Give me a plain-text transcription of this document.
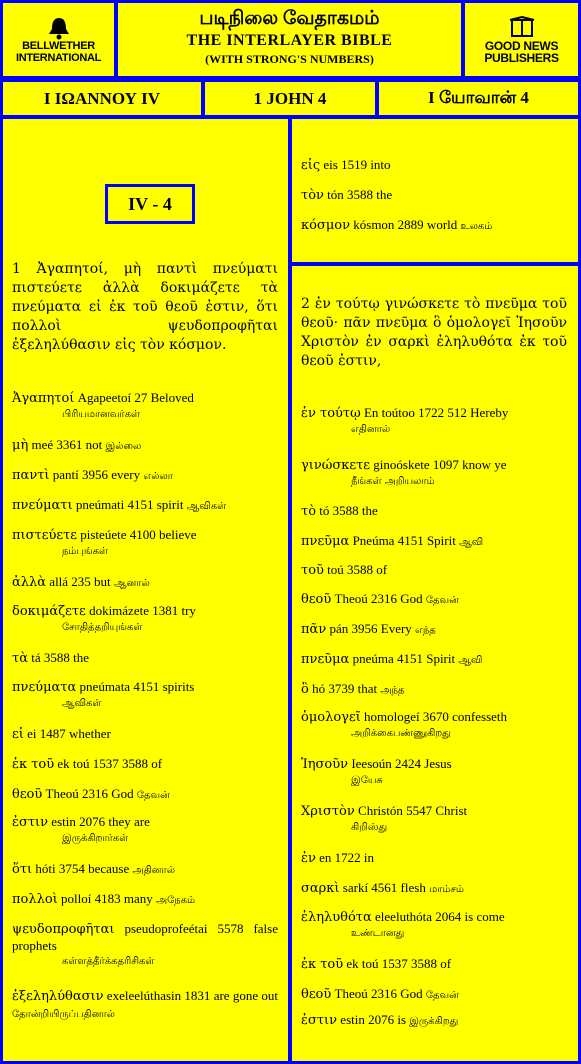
BELLWETHER INTERNATIONAL
படிநிலை வேதாகமம்
THE INTERLAYER BIBLE
(WITH STRONG'S NUMBERS)
GOOD NEWS PUBLISHERS
I ΙΩΑΝΝΟΥ IV	1 JOHN 4	I யோவான் 4
IV - 4
1 Ἀγαπητοί, μὴ παντὶ πνεύματι πιστεύετε ἀλλὰ δοκιμάζετε τὰ πνεύματα εἰ ἐκ τοῦ θεοῦ ἐστιν, ὅτι πολλοὶ ψευδοπροφῆται ἐξεληλύθασιν εἰς τὸν κόσμον.
Ἀγαπητοί Agapeetoí 27 Beloved
பிரியமானவர்கள்
μὴ meé 3361 not இல்லை
παντὶ pantí 3956 every எல்லா
πνεύματι pneúmati 4151 spirit ஆவிகள்
πιστεύετε pisteúete 4100 believe
நம்புங்கள்
ἀλλὰ allá 235 but ஆனால்
δοκιμάζετε dokimázete 1381 try
சோதித்தறியுங்கள்
τὰ tá 3588 the
πνεύματα pneúmata 4151 spirits
ஆவிகள்
εἰ ei 1487 whether
ἐκ τοῦ ek toú 1537 3588 of
θεοῦ Theoú 2316 God தேவன்
ἐστιν estin 2076 they are
இருக்கிறார்கள்
ὅτι hóti 3754 because அதினால்
πολλοὶ polloí 4183 many அநேகம்
ψευδοπροφῆται pseudoprofeétai 5578 false prophets
கள்ளத்தீர்க்கதரிசிகள்
ἐξεληλύθασιν exeleelúthasin 1831 are gone out தோன்றியிருப்பதினால்
εἰς eis 1519 into
τὸν tón 3588 the
κόσμον kósmon 2889 world உலகம்
2 ἐν τούτῳ γινώσκετε τὸ πνεῦμα τοῦ θεοῦ· πᾶν πνεῦμα ὃ ὁμολογεῖ Ἰησοῦν Χριστὸν ἐν σαρκὶ ἐληλυθότα ἐκ τοῦ θεοῦ ἐστιν,
ἐν τούτῳ En toútoo 1722 512 Hereby
எதினால்
γινώσκετε ginoóskete 1097 know ye
நீங்கள் அறியலாம்
τὸ tó 3588 the
πνεῦμα Pneúma 4151 Spirit ஆவி
τοῦ toú 3588 of
θεοῦ Theoú 2316 God தேவன்
πᾶν pán 3956 Every எந்த
πνεῦμα pneúma 4151 Spirit ஆவி
ὃ hó 3739 that அந்த
ὁμολογεῖ homologeí 3670 confesseth
அறிக்கைபண்ணுகிறது
Ἰησοῦν Ieesoún 2424 Jesus
இயேசு
Χριστὸν Christón 5547 Christ
கிறிஸ்து
ἐν en 1722 in
σαρκὶ sarkí 4561 flesh மாம்சம்
ἐληλυθότα eleeluthóta 2064 is come
உண்டானது
ἐκ τοῦ ek toú 1537 3588 of
θεοῦ Theoú 2316 God தேவன்
ἐστιν estin 2076 is இருக்கிறது
